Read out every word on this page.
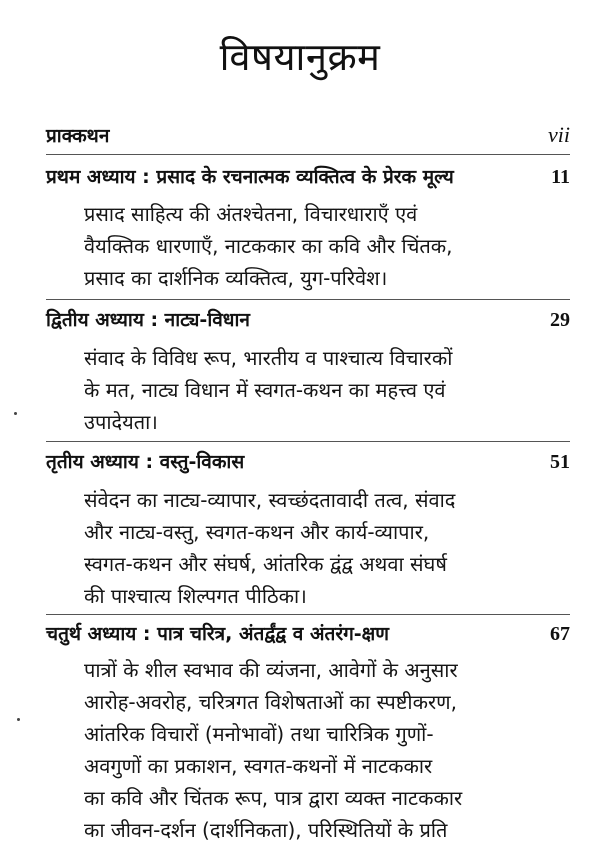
विषयानुक्रम
प्राक्कथन	vii
प्रथम अध्याय : प्रसाद के रचनात्मक व्यक्तित्व के प्रेरक मूल्य	11
प्रसाद साहित्य की अंतश्चेतना, विचारधाराएँ एवं
वैयक्तिक धारणाएँ, नाटककार का कवि और चिंतक,
प्रसाद का दार्शनिक व्यक्तित्व, युग-परिवेश।
द्वितीय अध्याय : नाट्य-विधान	29
संवाद के विविध रूप, भारतीय व पाश्चात्य विचारकों
के मत, नाट्य विधान में स्वगत-कथन का महत्त्व एवं
उपादेयता।
तृतीय अध्याय : वस्तु-विकास	51
संवेदन का नाट्य-व्यापार, स्वच्छंदतावादी तत्व, संवाद
और नाट्य-वस्तु, स्वगत-कथन और कार्य-व्यापार,
स्वगत-कथन और संघर्ष, आंतरिक द्वंद्व अथवा संघर्ष
की पाश्चात्य शिल्पगत पीठिका।
चतुर्थ अध्याय : पात्र चरित्र, अंतर्द्वंद्व व अंतरंग-क्षण	67
पात्रों के शील स्वभाव की व्यंजना, आवेगों के अनुसार
आरोह-अवरोह, चरित्रगत विशेषताओं का स्पष्टीकरण,
आंतरिक विचारों (मनोभावों) तथा चारित्रिक गुणों-
अवगुणों का प्रकाशन, स्वगत-कथनों में नाटककार
का कवि और चिंतक रूप, पात्र द्वारा व्यक्त नाटककार
का जीवन-दर्शन (दार्शनिकता), परिस्थितियों के प्रति
